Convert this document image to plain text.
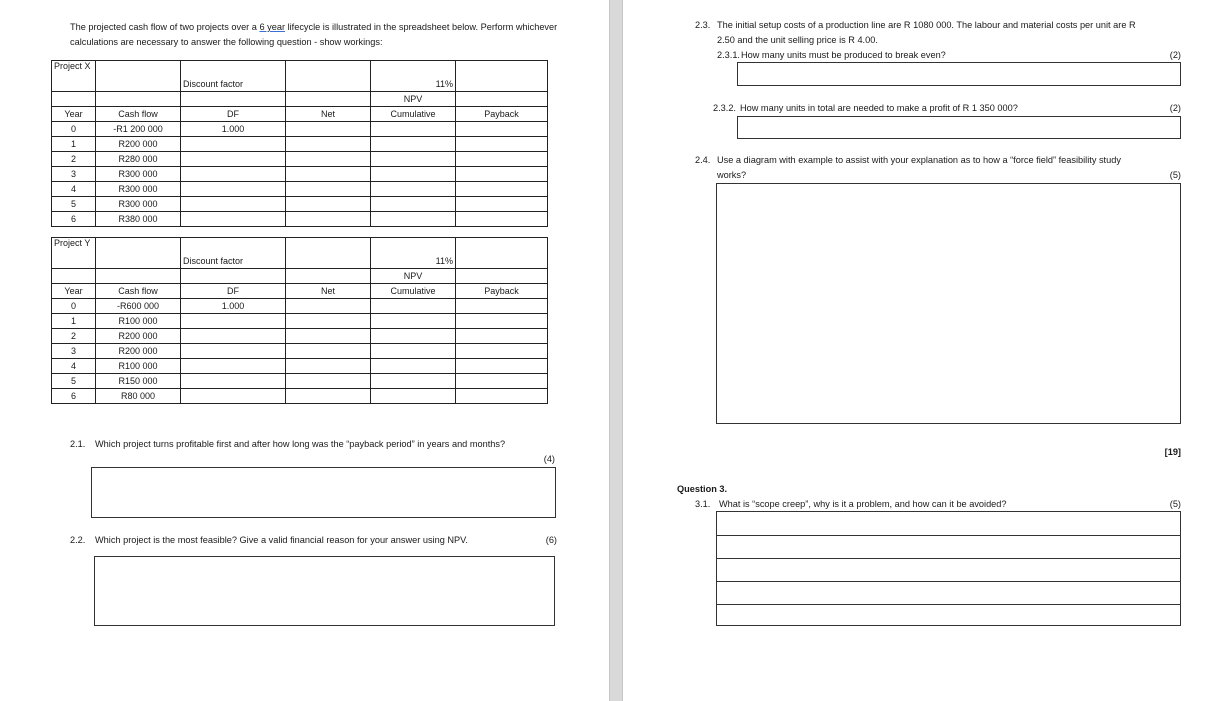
The projected cash flow of two projects over a 6 year lifecycle is illustrated in the spreadsheet below. Perform whichever calculations are necessary to answer the following question - show workings:
Project X		Discount factor		11%	
				NPV	
Year	Cash flow	DF	Net	Cumulative	Payback
0	-R1 200 000	1.000			
1	R200 000				
2	R280 000				
3	R300 000				
4	R300 000				
5	R300 000				
6	R380 000				
Project Y		Discount factor		11%	
				NPV	
Year	Cash flow	DF	Net	Cumulative	Payback
0	-R600 000	1.000			
1	R100 000				
2	R200 000				
3	R200 000				
4	R100 000				
5	R150 000				
6	R80 000				
2.1. Which project turns profitable first and after how long was the “payback period” in years and months?
(4)
2.2. Which project is the most feasible? Give a valid financial reason for your answer using NPV.	(6)
2.3. The initial setup costs of a production line are R 1080 000. The labour and material costs per unit are R
2.50 and the unit selling price is R 4.00.
2.3.1. How many units must be produced to break even?	(2)
2.3.2. How many units in total are needed to make a profit of R 1 350 000?	(2)
2.4. Use a diagram with example to assist with your explanation as to how a “force field” feasibility study
works?	(5)
[19]
Question 3.
3.1. What is “scope creep”, why is it a problem, and how can it be avoided?	(5)
